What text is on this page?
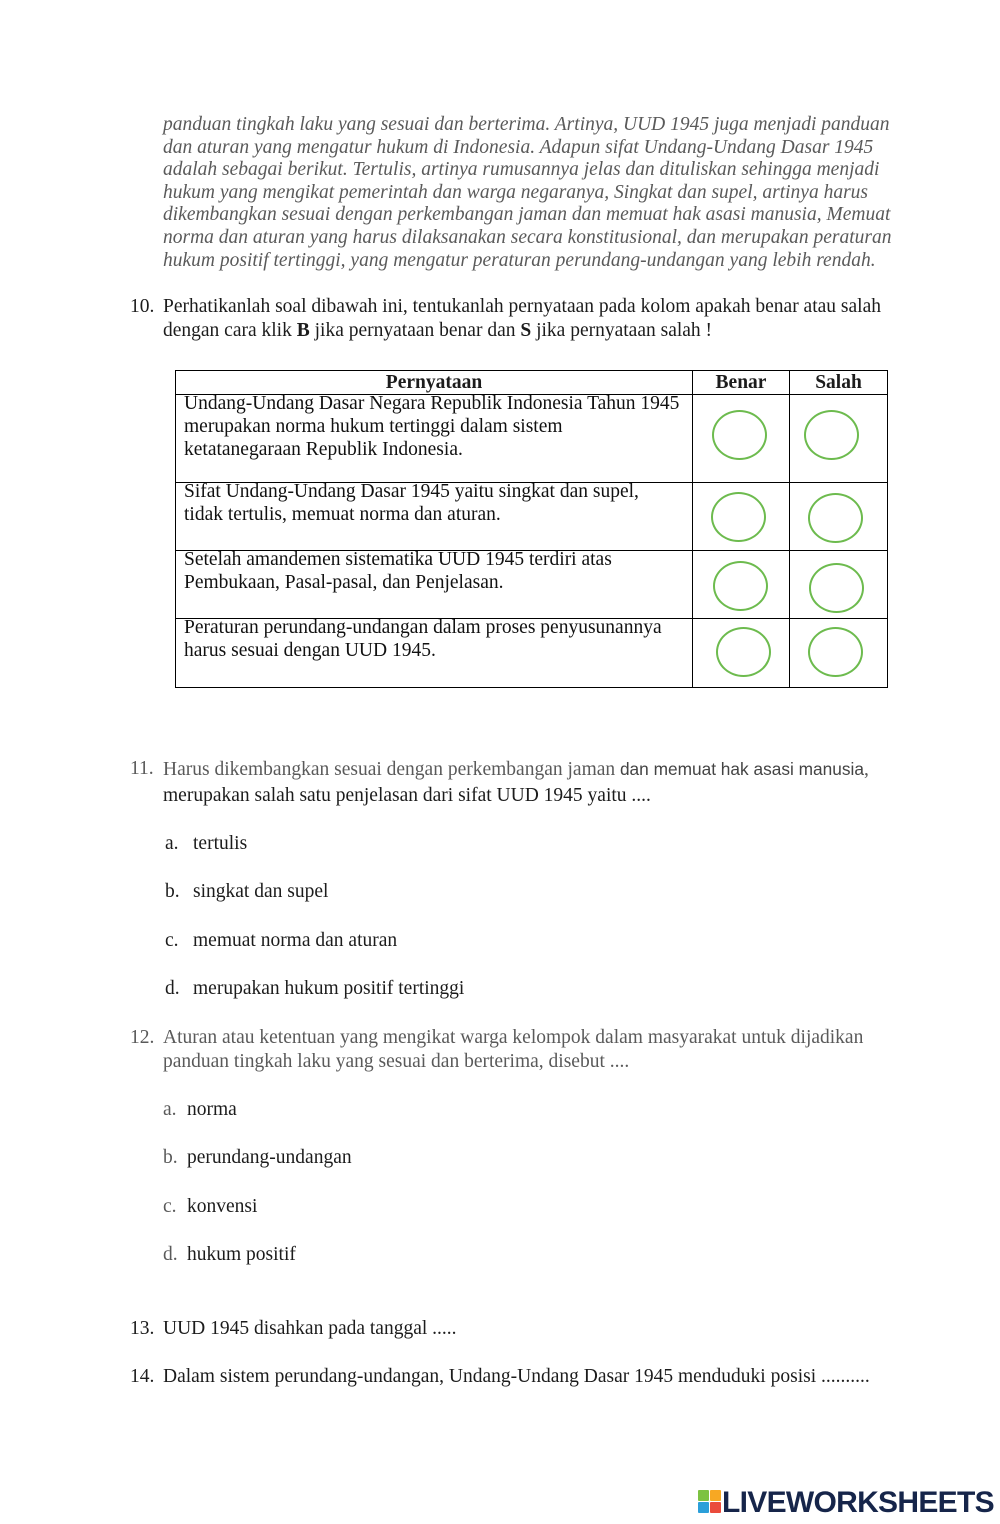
panduan tingkah laku yang sesuai dan berterima. Artinya, UUD 1945 juga menjadi panduan
dan aturan yang mengatur hukum di Indonesia. Adapun sifat Undang-Undang Dasar 1945
adalah sebagai berikut. Tertulis, artinya rumusannya jelas dan dituliskan sehingga menjadi
hukum yang mengikat pemerintah dan warga negaranya, Singkat dan supel, artinya harus
dikembangkan sesuai dengan perkembangan jaman dan memuat hak asasi manusia, Memuat
norma dan aturan yang harus dilaksanakan secara konstitusional, dan merupakan peraturan
hukum positif tertinggi, yang mengatur peraturan perundang-undangan yang lebih rendah.
10. Perhatikanlah soal dibawah ini, tentukanlah pernyataan pada kolom apakah benar atau salah
dengan cara klik B jika pernyataan benar dan S jika pernyataan salah !
Pernyataan	Benar	Salah
Undang-Undang Dasar Negara Republik Indonesia Tahun 1945
merupakan norma hukum tertinggi dalam sistem
ketatanegaraan Republik Indonesia.
Sifat Undang-Undang Dasar 1945 yaitu singkat dan supel,
tidak tertulis, memuat norma dan aturan.
Setelah amandemen sistematika UUD 1945 terdiri atas
Pembukaan, Pasal-pasal, dan Penjelasan.
Peraturan perundang-undangan dalam proses penyusunannya
harus sesuai dengan UUD 1945.
11. Harus dikembangkan sesuai dengan perkembangan jaman dan memuat hak asasi manusia,
merupakan salah satu penjelasan dari sifat UUD 1945 yaitu ....
a. tertulis
b. singkat dan supel
c. memuat norma dan aturan
d. merupakan hukum positif tertinggi
12. Aturan atau ketentuan yang mengikat warga kelompok dalam masyarakat untuk dijadikan
panduan tingkah laku yang sesuai dan berterima, disebut ....
a. norma
b. perundang-undangan
c. konvensi
d. hukum positif
13. UUD 1945 disahkan pada tanggal .....
14. Dalam sistem perundang-undangan, Undang-Undang Dasar 1945 menduduki posisi ..........
LIVEWORKSHEETS
